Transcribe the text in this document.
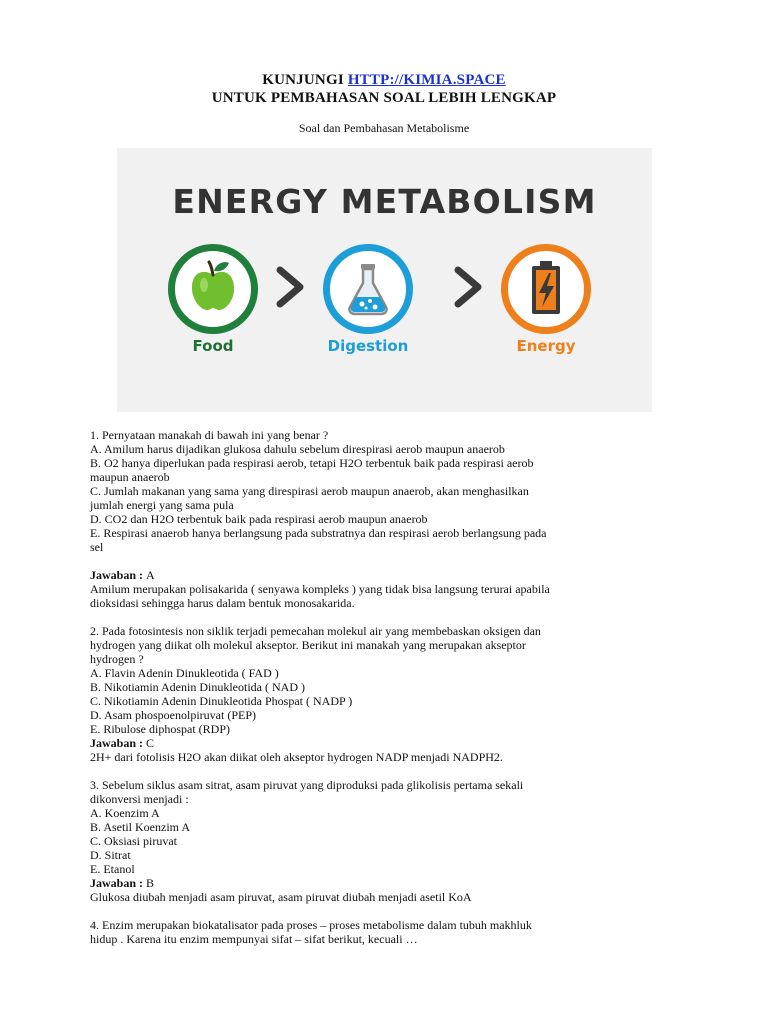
KUNJUNGI HTTP://KIMIA.SPACE
UNTUK PEMBAHASAN SOAL LEBIH LENGKAP
Soal dan Pembahasan Metabolisme
ENERGY METABOLISM
Food	Digestion	Energy

1. Pernyataan manakah di bawah ini yang benar ?

A. Amilum harus dijadikan glukosa dahulu sebelum direspirasi aerob maupun anaerob

B. O2 hanya diperlukan pada respirasi aerob, tetapi H2O terbentuk baik pada respirasi aerob

maupun anaerob

C. Jumlah makanan yang sama yang direspirasi aerob maupun anaerob, akan menghasilkan

jumlah energi yang sama pula

D. CO2 dan H2O terbentuk baik pada respirasi aerob maupun anaerob

E. Respirasi anaerob hanya berlangsung pada substratnya dan respirasi aerob berlangsung pada

sel

Jawaban : A

Amilum merupakan polisakarida ( senyawa kompleks ) yang tidak bisa langsung terurai apabila

dioksidasi sehingga harus dalam bentuk monosakarida.

2. Pada fotosintesis non siklik terjadi pemecahan molekul air yang membebaskan oksigen dan

hydrogen yang diikat olh molekul akseptor. Berikut ini manakah yang merupakan akseptor

hydrogen ?

A. Flavin Adenin Dinukleotida ( FAD )

B. Nikotiamin Adenin Dinukleotida ( NAD )

C. Nikotiamin Adenin Dinukleotida Phospat ( NADP )

D. Asam phospoenolpiruvat (PEP)

E. Ribulose diphospat (RDP)

Jawaban : C

2H+ dari fotolisis H2O akan diikat oleh akseptor hydrogen NADP menjadi NADPH2.

3. Sebelum siklus asam sitrat, asam piruvat yang diproduksi pada glikolisis pertama sekali

dikonversi menjadi :

A. Koenzim A

B. Asetil Koenzim A

C. Oksiasi piruvat

D. Sitrat

E. Etanol

Jawaban : B

Glukosa diubah menjadi asam piruvat, asam piruvat diubah menjadi asetil KoA

4. Enzim merupakan biokatalisator pada proses – proses metabolisme dalam tubuh makhluk

hidup . Karena itu enzim mempunyai sifat – sifat berikut, kecuali …
